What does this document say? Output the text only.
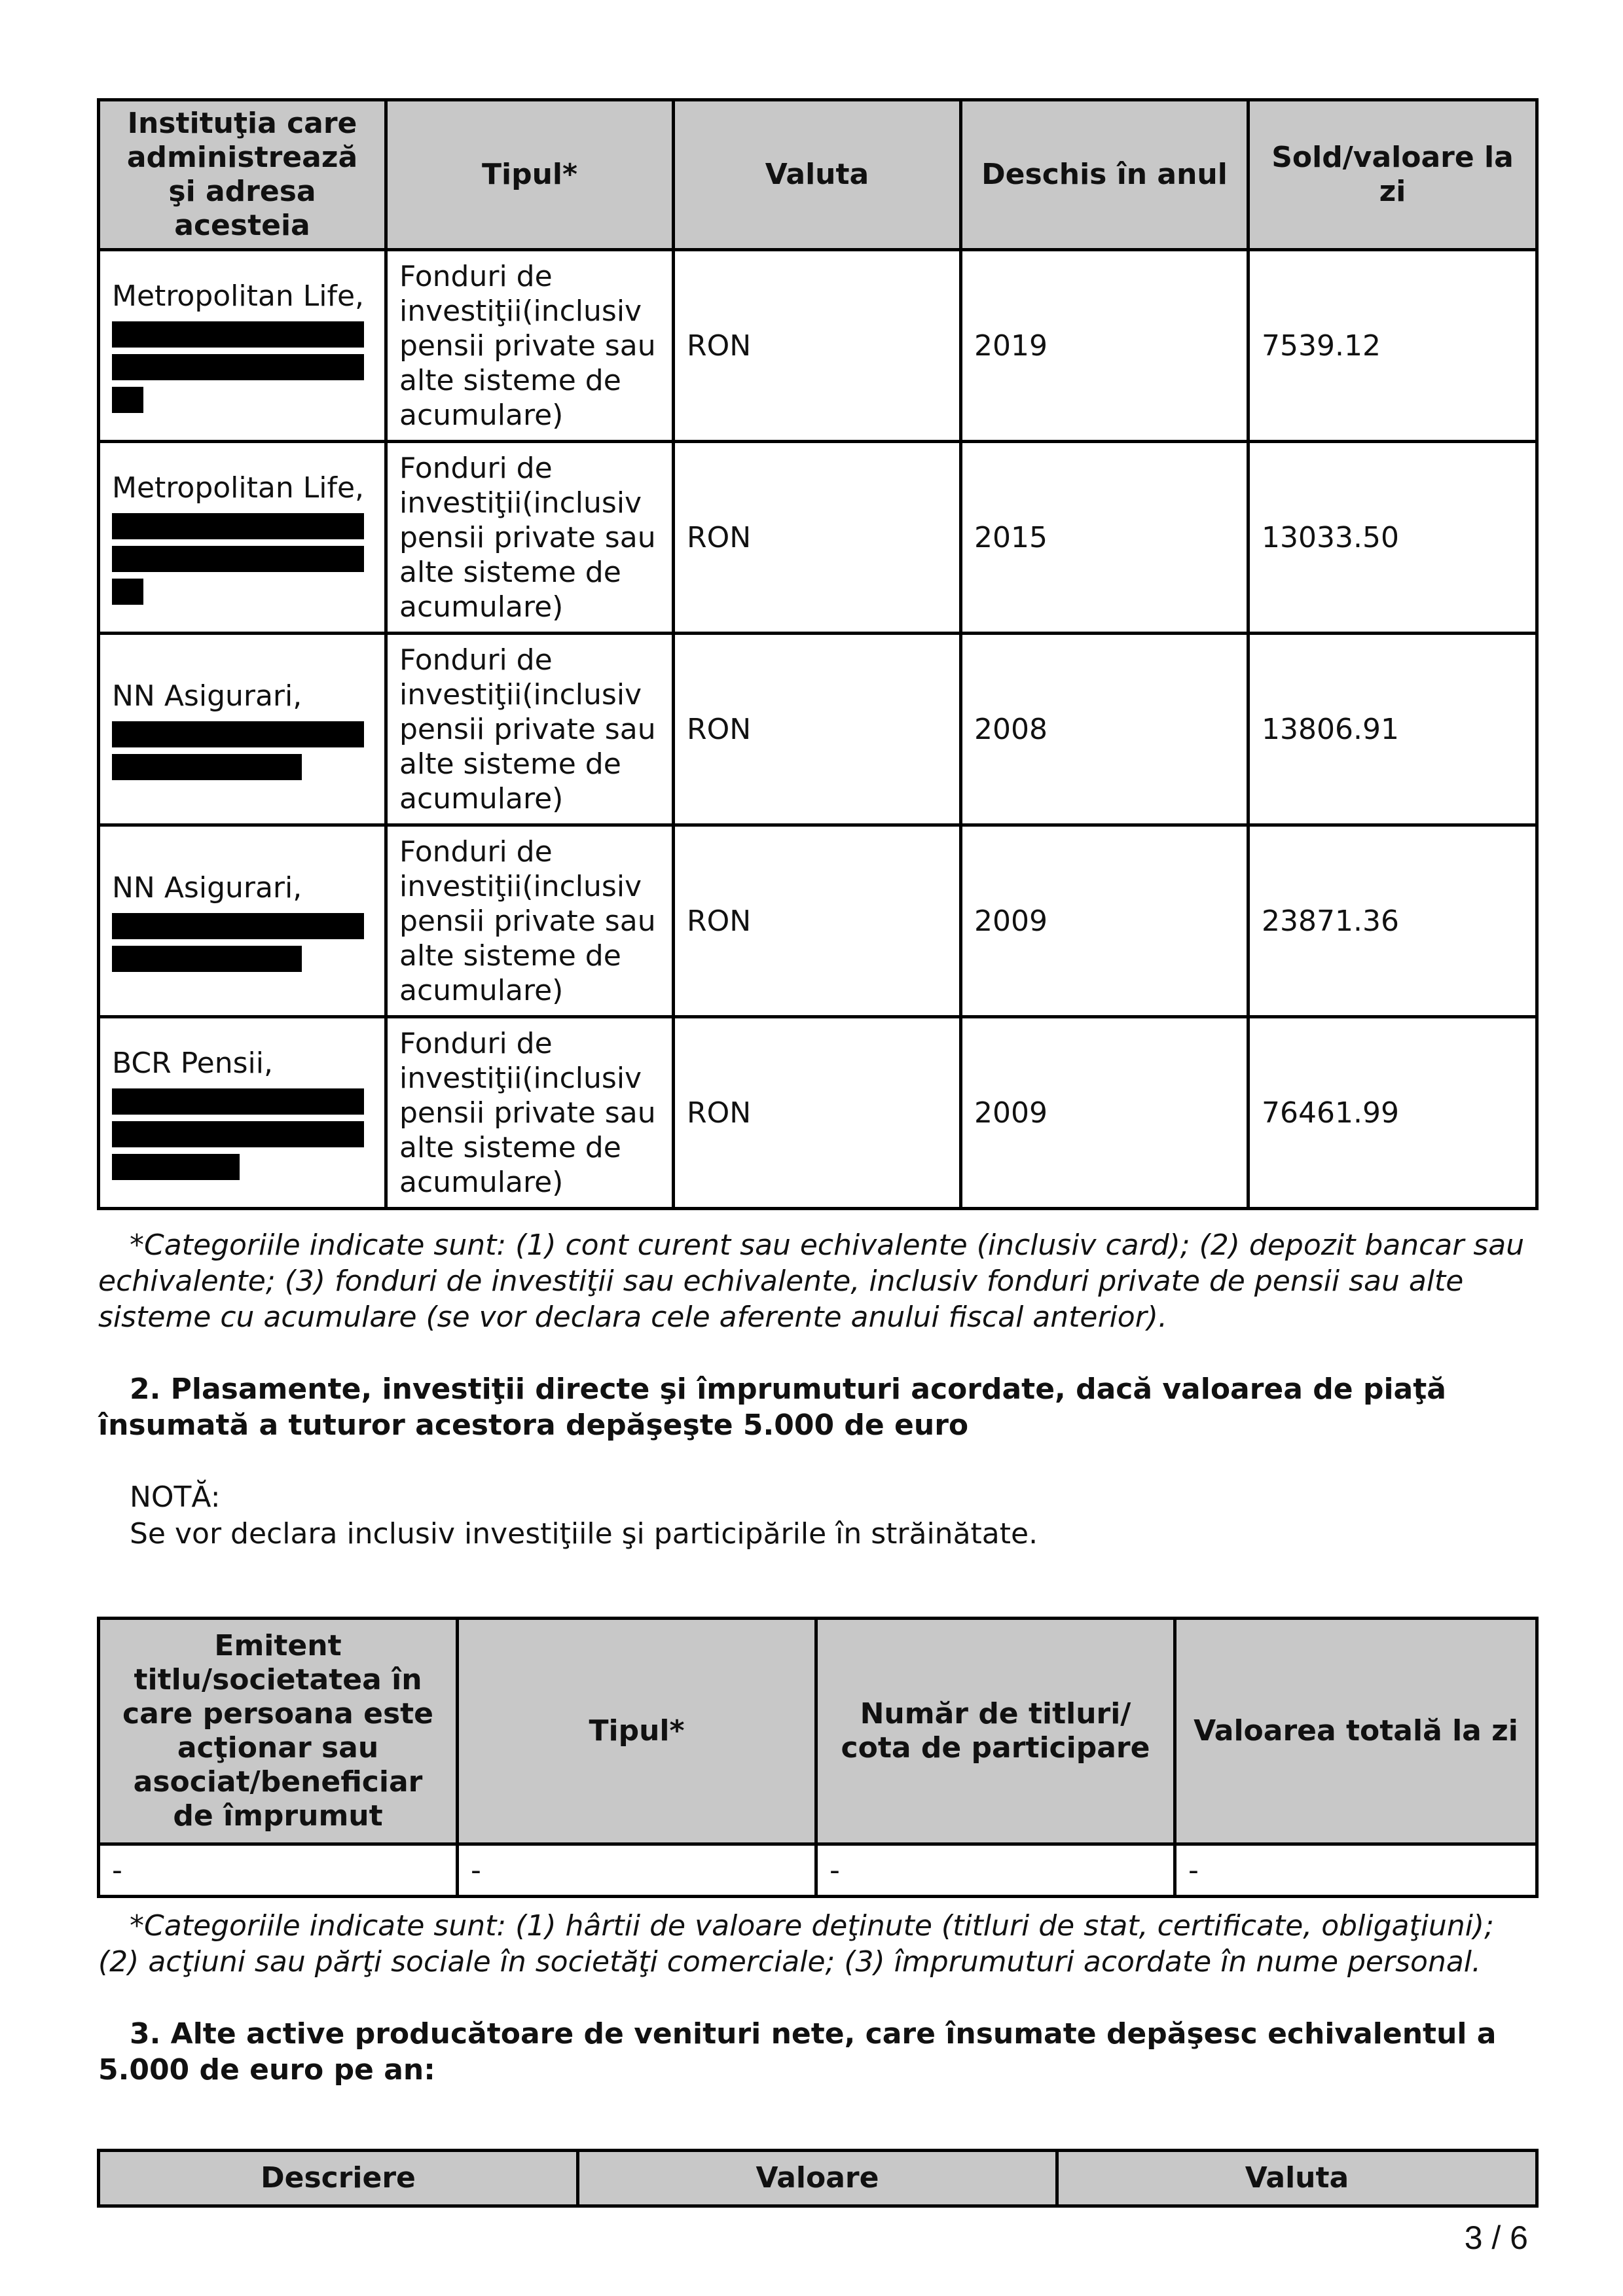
Instituţia care administrează şi adresa acesteia	Tipul*	Valuta	Deschis în anul	Sold/valoare la zi
Metropolitan Life,	Fonduri de investiţii(inclusiv pensii private sau alte sisteme de acumulare)	RON	2019	7539.12
Metropolitan Life,	Fonduri de investiţii(inclusiv pensii private sau alte sisteme de acumulare)	RON	2015	13033.50
NN Asigurari,	Fonduri de investiţii(inclusiv pensii private sau alte sisteme de acumulare)	RON	2008	13806.91
NN Asigurari,	Fonduri de investiţii(inclusiv pensii private sau alte sisteme de acumulare)	RON	2009	23871.36
BCR Pensii,	Fonduri de investiţii(inclusiv pensii private sau alte sisteme de acumulare)	RON	2009	76461.99
*Categoriile indicate sunt: (1) cont curent sau echivalente (inclusiv card); (2) depozit bancar sau echivalente; (3) fonduri de investiţii sau echivalente, inclusiv fonduri private de pensii sau alte sisteme cu acumulare (se vor declara cele aferente anului fiscal anterior).
2. Plasamente, investiţii directe şi împrumuturi acordate, dacă valoarea de piaţă însumată a tuturor acestora depăşeşte 5.000 de euro
NOTĂ:
Se vor declara inclusiv investiţiile şi participările în străinătate.
Emitent titlu/societatea în care persoana este acţionar sau asociat/beneficiar de împrumut	Tipul*	Număr de titluri/ cota de participare	Valoarea totală la zi
-	-	-	-
*Categoriile indicate sunt: (1) hârtii de valoare deţinute (titluri de stat, certificate, obligaţiuni); (2) acţiuni sau părţi sociale în societăţi comerciale; (3) împrumuturi acordate în nume personal.
3. Alte active producătoare de venituri nete, care însumate depăşesc echivalentul a 5.000 de euro pe an:
Descriere	Valoare	Valuta
3 / 6
